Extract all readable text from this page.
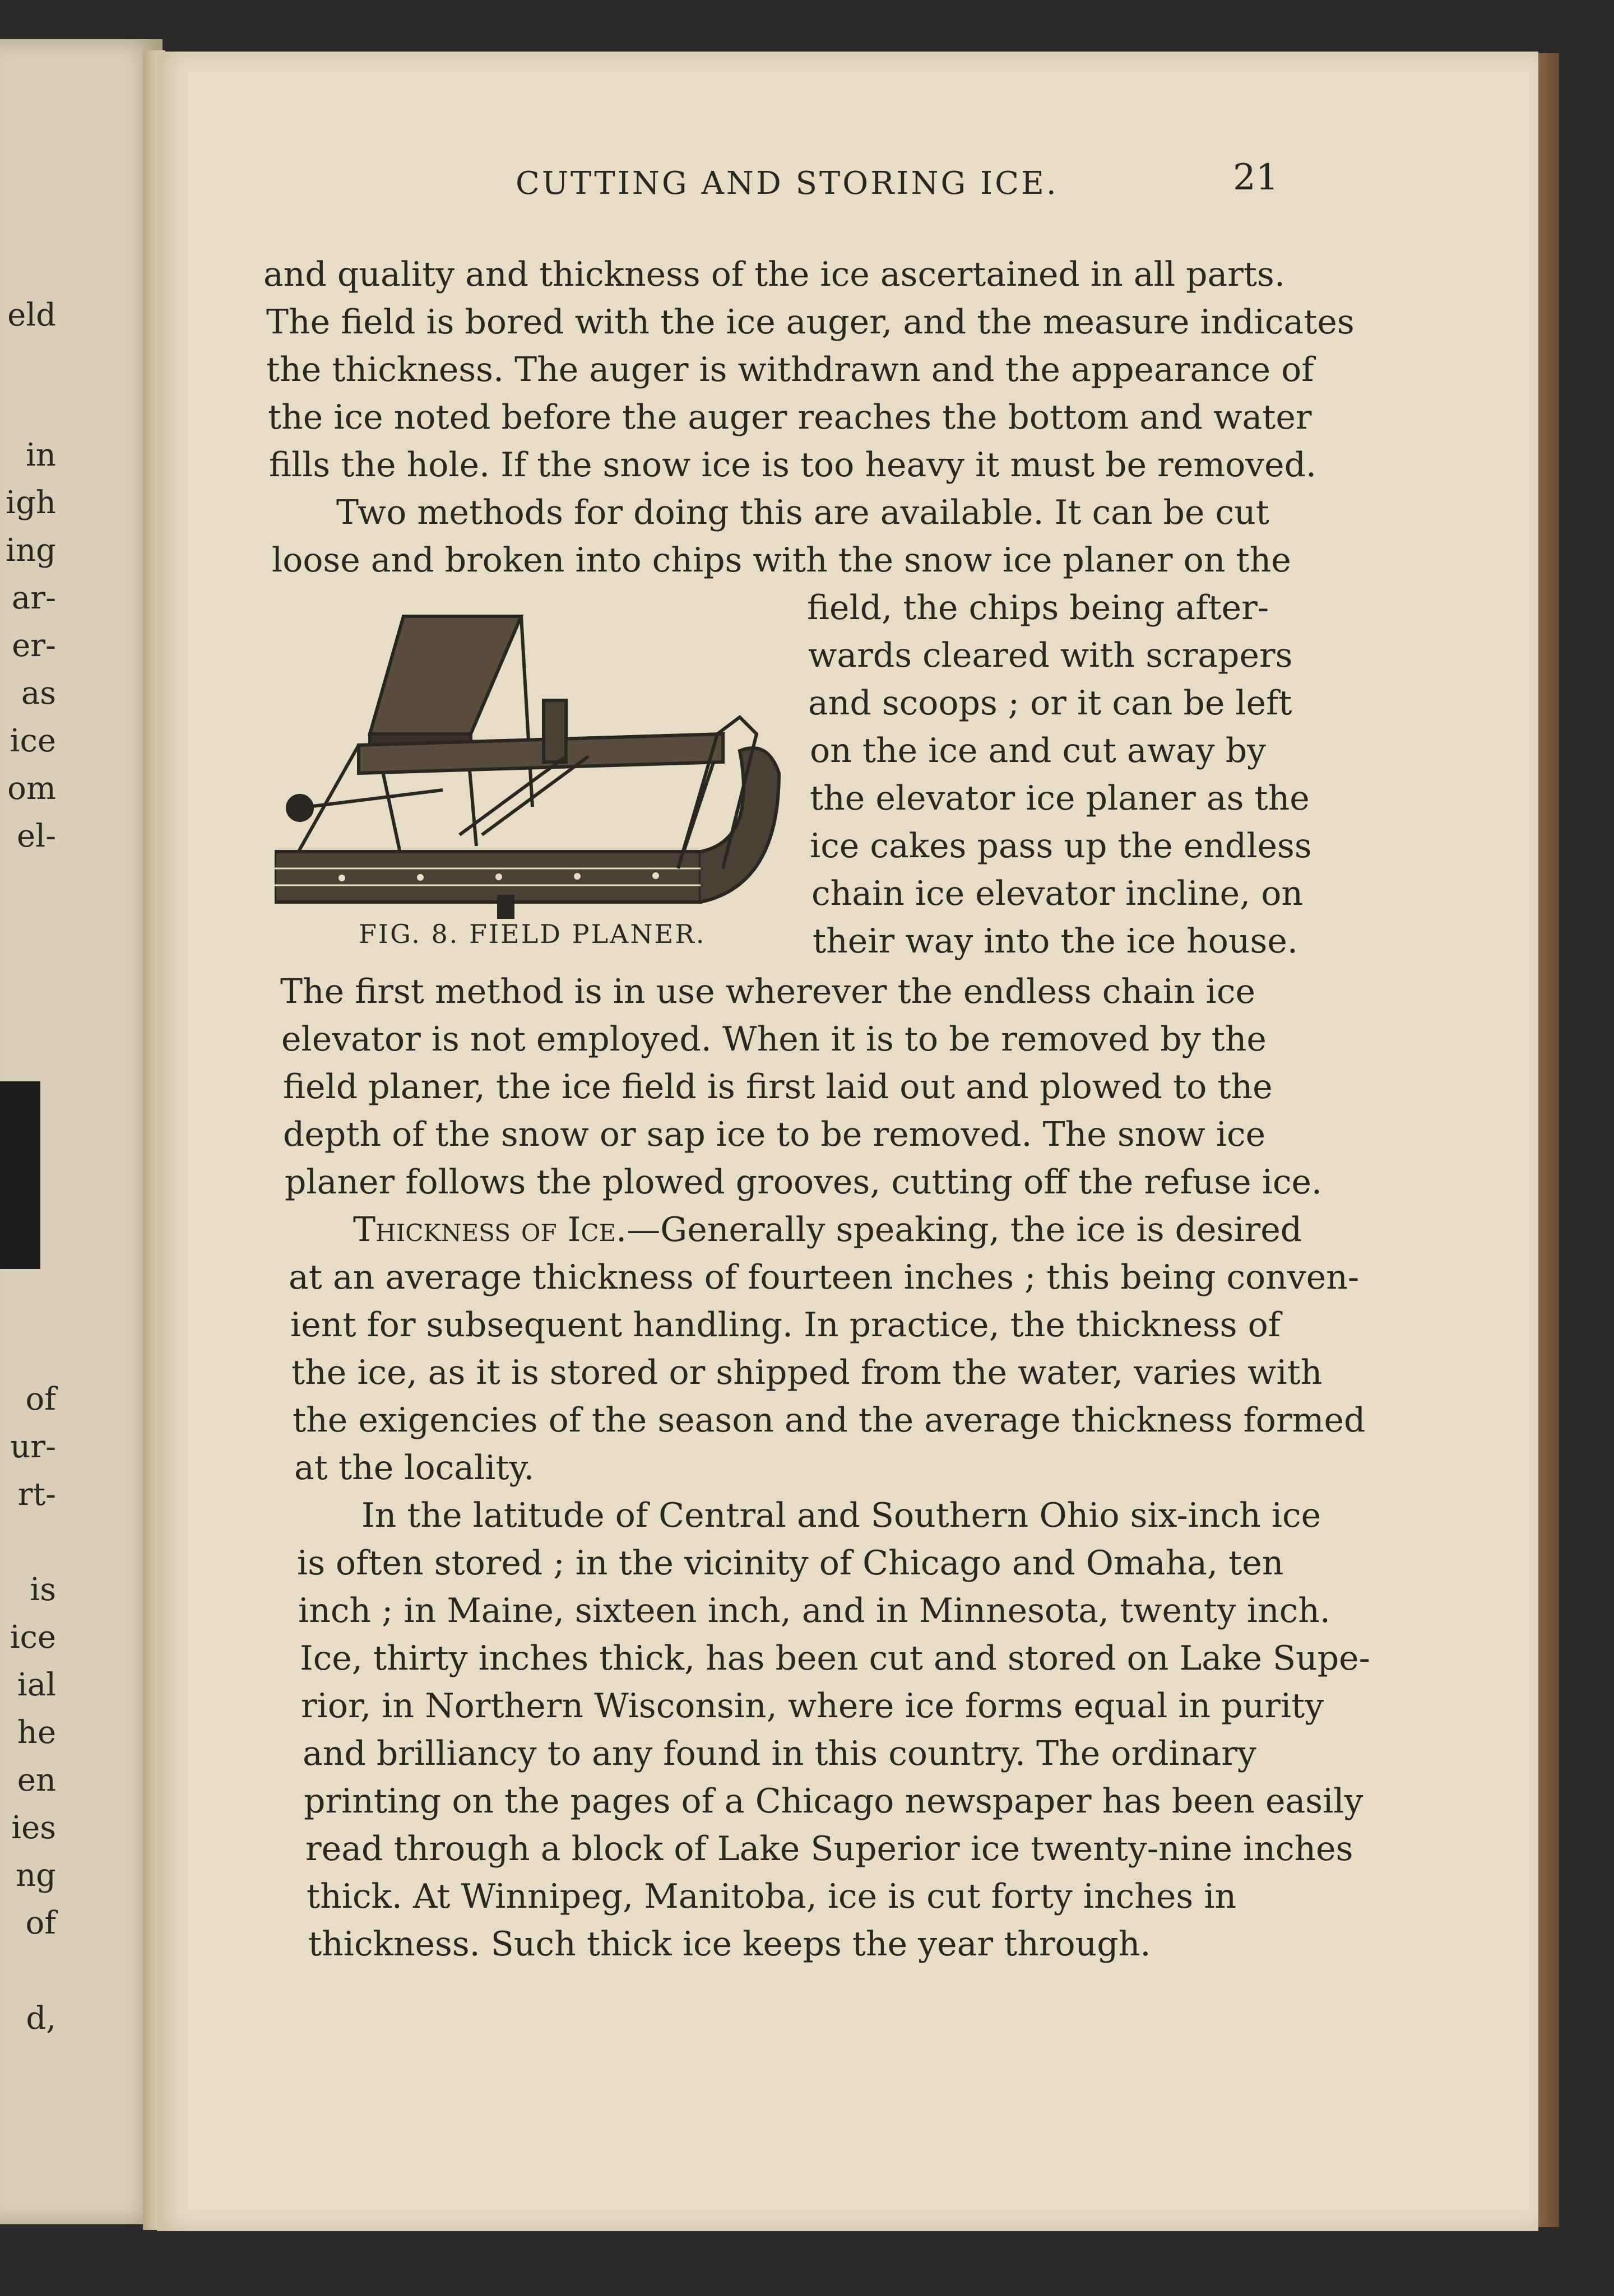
eld
in
igh
ing
ar-
er-
as
ice
om
el-
of
ur-
rt-
is
ice
ial
he
en
ies
ng
of
d,
CUTTING AND STORING ICE.	21
and quality and thickness of the ice ascertained in all parts.
The field is bored with the ice auger, and the measure indicates
the thickness. The auger is withdrawn and the appearance of
the ice noted before the auger reaches the bottom and water
fills the hole. If the snow ice is too heavy it must be removed.
Two methods for doing this are available. It can be cut
loose and broken into chips with the snow ice planer on the
FIG. 8. FIELD PLANER.
field, the chips being after-
wards cleared with scrapers
and scoops ; or it can be left
on the ice and cut away by
the elevator ice planer as the
ice cakes pass up the endless
chain ice elevator incline, on
their way into the ice house.
The first method is in use wherever the endless chain ice
elevator is not employed. When it is to be removed by the
field planer, the ice field is first laid out and plowed to the
depth of the snow or sap ice to be removed. The snow ice
planer follows the plowed grooves, cutting off the refuse ice.
Thickness of Ice.—Generally speaking, the ice is desired
at an average thickness of fourteen inches ; this being conven-
ient for subsequent handling. In practice, the thickness of
the ice, as it is stored or shipped from the water, varies with
the exigencies of the season and the average thickness formed
at the locality.
In the latitude of Central and Southern Ohio six-inch ice
is often stored ; in the vicinity of Chicago and Omaha, ten
inch ; in Maine, sixteen inch, and in Minnesota, twenty inch.
Ice, thirty inches thick, has been cut and stored on Lake Supe-
rior, in Northern Wisconsin, where ice forms equal in purity
and brilliancy to any found in this country. The ordinary
printing on the pages of a Chicago newspaper has been easily
read through a block of Lake Superior ice twenty-nine inches
thick. At Winnipeg, Manitoba, ice is cut forty inches in
thickness. Such thick ice keeps the year through.
